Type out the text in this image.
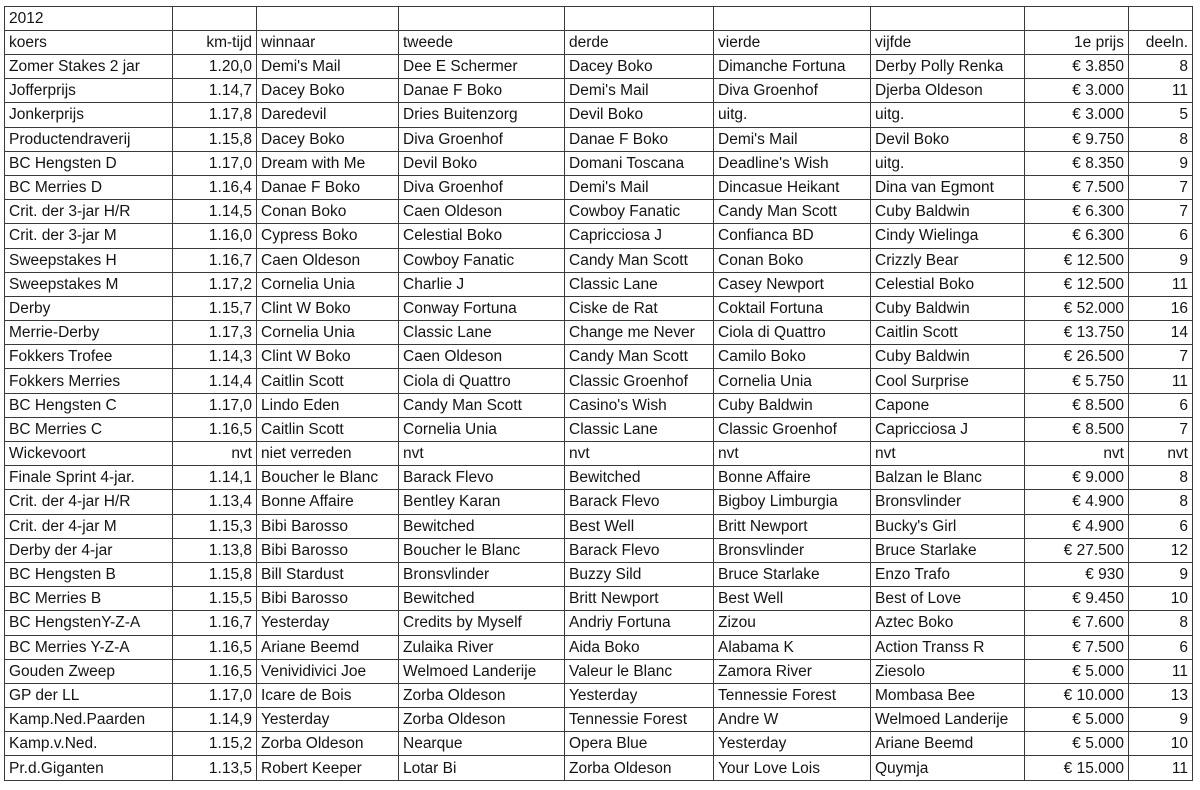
2012								
koers	km-tijd	winnaar	tweede	derde	vierde	vijfde	1e prijs	deeln.
Zomer Stakes 2 jar	1.20,0	Demi's Mail	Dee E Schermer	Dacey Boko	Dimanche Fortuna	Derby Polly Renka	€ 3.850	8
Jofferprijs	1.14,7	Dacey Boko	Danae F Boko	Demi's Mail	Diva Groenhof	Djerba Oldeson	€ 3.000	11
Jonkerprijs	1.17,8	Daredevil	Dries Buitenzorg	Devil Boko	uitg.	uitg.	€ 3.000	5
Productendraverij	1.15,8	Dacey Boko	Diva Groenhof	Danae F Boko	Demi's Mail	Devil Boko	€ 9.750	8
BC Hengsten D	1.17,0	Dream with Me	Devil Boko	Domani Toscana	Deadline's Wish	uitg.	€ 8.350	9
BC Merries D	1.16,4	Danae F Boko	Diva Groenhof	Demi's Mail	Dincasue Heikant	Dina van Egmont	€ 7.500	7
Crit. der 3-jar H/R	1.14,5	Conan Boko	Caen Oldeson	Cowboy Fanatic	Candy Man Scott	Cuby Baldwin	€ 6.300	7
Crit. der 3-jar M	1.16,0	Cypress Boko	Celestial Boko	Capricciosa J	Confianca BD	Cindy Wielinga	€ 6.300	6
Sweepstakes H	1.16,7	Caen Oldeson	Cowboy Fanatic	Candy Man Scott	Conan Boko	Crizzly Bear	€ 12.500	9
Sweepstakes M	1.17,2	Cornelia Unia	Charlie J	Classic Lane	Casey Newport	Celestial Boko	€ 12.500	11
Derby	1.15,7	Clint W Boko	Conway Fortuna	Ciske de Rat	Coktail Fortuna	Cuby Baldwin	€ 52.000	16
Merrie-Derby	1.17,3	Cornelia Unia	Classic Lane	Change me Never	Ciola di Quattro	Caitlin Scott	€ 13.750	14
Fokkers Trofee	1.14,3	Clint W Boko	Caen Oldeson	Candy Man Scott	Camilo Boko	Cuby Baldwin	€ 26.500	7
Fokkers Merries	1.14,4	Caitlin Scott	Ciola di Quattro	Classic Groenhof	Cornelia Unia	Cool Surprise	€ 5.750	11
BC Hengsten C	1.17,0	Lindo Eden	Candy Man Scott	Casino's Wish	Cuby Baldwin	Capone	€ 8.500	6
BC Merries C	1.16,5	Caitlin Scott	Cornelia Unia	Classic Lane	Classic Groenhof	Capricciosa J	€ 8.500	7
Wickevoort	nvt	niet verreden	nvt	nvt	nvt	nvt	nvt	nvt
Finale Sprint 4-jar.	1.14,1	Boucher le Blanc	Barack Flevo	Bewitched	Bonne Affaire	Balzan le Blanc	€ 9.000	8
Crit. der 4-jar H/R	1.13,4	Bonne Affaire	Bentley Karan	Barack Flevo	Bigboy Limburgia	Bronsvlinder	€ 4.900	8
Crit. der 4-jar M	1.15,3	Bibi Barosso	Bewitched	Best Well	Britt Newport	Bucky's Girl	€ 4.900	6
Derby der 4-jar	1.13,8	Bibi Barosso	Boucher le Blanc	Barack Flevo	Bronsvlinder	Bruce Starlake	€ 27.500	12
BC Hengsten B	1.15,8	Bill Stardust	Bronsvlinder	Buzzy Sild	Bruce Starlake	Enzo Trafo	€ 930	9
BC Merries B	1.15,5	Bibi Barosso	Bewitched	Britt Newport	Best Well	Best of Love	€ 9.450	10
BC HengstenY-Z-A	1.16,7	Yesterday	Credits by Myself	Andriy Fortuna	Zizou	Aztec Boko	€ 7.600	8
BC Merries Y-Z-A	1.16,5	Ariane Beemd	Zulaika River	Aida Boko	Alabama K	Action Transs R	€ 7.500	6
Gouden Zweep	1.16,5	Venividivici Joe	Welmoed Landerije	Valeur le Blanc	Zamora River	Ziesolo	€ 5.000	11
GP der LL	1.17,0	Icare de Bois	Zorba Oldeson	Yesterday	Tennessie Forest	Mombasa Bee	€ 10.000	13
Kamp.Ned.Paarden	1.14,9	Yesterday	Zorba Oldeson	Tennessie Forest	Andre W	Welmoed Landerije	€ 5.000	9
Kamp.v.Ned.	1.15,2	Zorba Oldeson	Nearque	Opera Blue	Yesterday	Ariane Beemd	€ 5.000	10
Pr.d.Giganten	1.13,5	Robert Keeper	Lotar Bi	Zorba Oldeson	Your Love Lois	Quymja	€ 15.000	11
